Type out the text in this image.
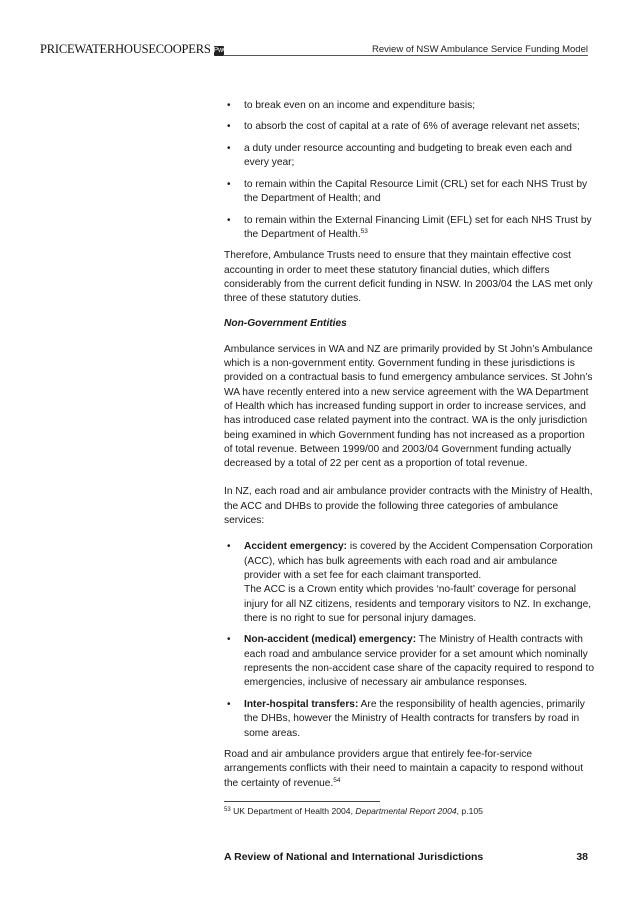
PRICEWATERHOUSECOOPERS PwC	Review of NSW Ambulance Service Funding Model
• to break even on an income and expenditure basis;
• to absorb the cost of capital at a rate of 6% of average relevant net assets;
• a duty under resource accounting and budgeting to break even each and every year;
• to remain within the Capital Resource Limit (CRL) set for each NHS Trust by the Department of Health; and
• to remain within the External Financing Limit (EFL) set for each NHS Trust by the Department of Health.$^{53}$

Therefore, Ambulance Trusts need to ensure that they maintain effective cost accounting in order to meet these statutory financial duties, which differs considerably from the current deficit funding in NSW. In 2003/04 the LAS met only three of these statutory duties.

Non-Government Entities

Ambulance services in WA and NZ are primarily provided by St John’s Ambulance which is a non-government entity. Government funding in these jurisdictions is provided on a contractual basis to fund emergency ambulance services. St John’s WA have recently entered into a new service agreement with the WA Department of Health which has increased funding support in order to increase services, and has introduced case related payment into the contract. WA is the only jurisdiction being examined in which Government funding has not increased as a proportion of total revenue. Between 1999/00 and 2003/04 Government funding actually decreased by a total of 22 per cent as a proportion of total revenue.

In NZ, each road and air ambulance provider contracts with the Ministry of Health, the ACC and DHBs to provide the following three categories of ambulance services:

• Accident emergency: is covered by the Accident Compensation Corporation (ACC), which has bulk agreements with each road and air ambulance provider with a set fee for each claimant transported.
The ACC is a Crown entity which provides ‘no-fault’ coverage for personal injury for all NZ citizens, residents and temporary visitors to NZ. In exchange, there is no right to sue for personal injury damages.
• Non-accident (medical) emergency: The Ministry of Health contracts with each road and ambulance service provider for a set amount which nominally represents the non-accident case share of the capacity required to respond to emergencies, inclusive of necessary air ambulance responses.
• Inter-hospital transfers: Are the responsibility of health agencies, primarily the DHBs, however the Ministry of Health contracts for transfers by road in some areas.

Road and air ambulance providers argue that entirely fee-for-service arrangements conflicts with their need to maintain a capacity to respond without the certainty of revenue.$^{54}$

$^{53}$ UK Department of Health 2004, Departmental Report 2004, p.105
A Review of National and International Jurisdictions	38
